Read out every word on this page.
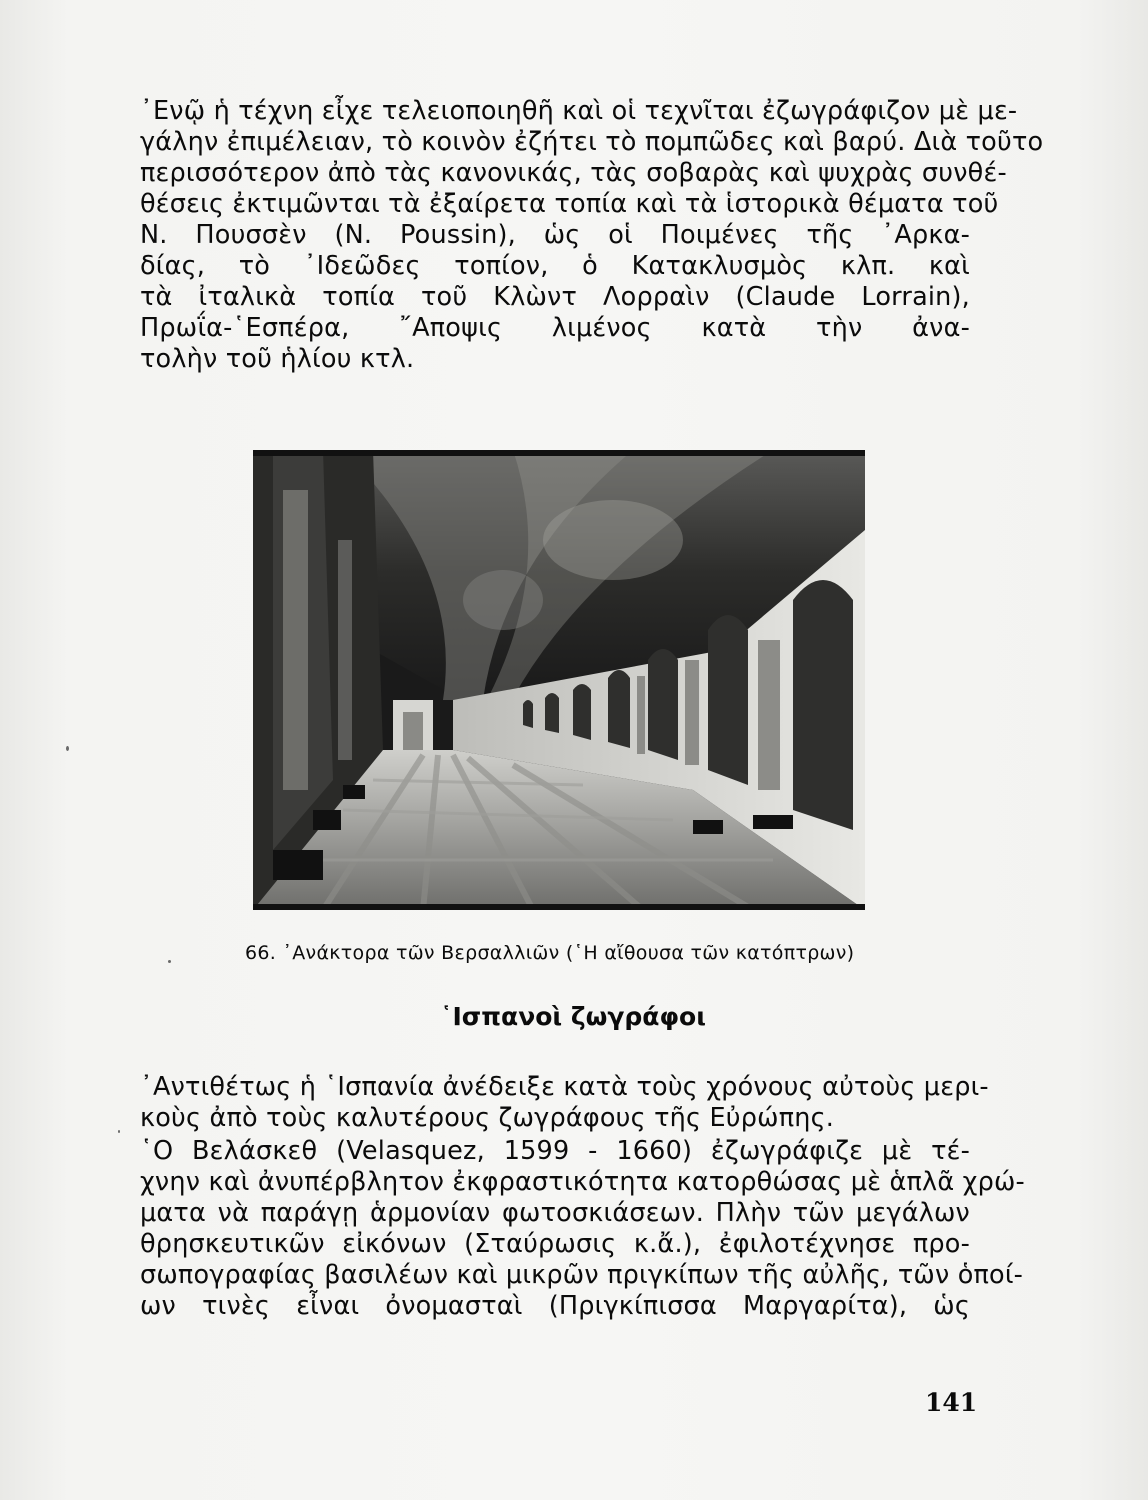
᾿Ενῷ ἡ τέχνη εἶχε τελειοποιηθῆ καὶ οἱ τεχνῖται ἐζωγράφιζον μὲ με-
γάλην ἐπιμέλειαν, τὸ κοινὸν ἐζήτει τὸ πομπῶδες καὶ βαρύ. Διὰ τοῦτο
περισσότερον ἀπὸ τὰς κανονικάς, τὰς σοβαρὰς καὶ ψυχρὰς συνθέ-
θέσεις ἐκτιμῶνται τὰ ἐξαίρετα τοπία καὶ τὰ ἱστορικὰ θέματα τοῦ
Ν. Πουσσὲν (N. Poussin), ὡς οἱ Ποιμένες τῆς ᾿Αρκα-
δίας, τὸ ᾿Ιδεῶδες τοπίον, ὁ Κατακλυσμὸς κλπ. καὶ
τὰ ἰταλικὰ τοπία τοῦ Κλὼντ Λορραὶν (Claude Lorrain),
Πρωΐα-῾Εσπέρα, ῎Αποψις λιμένος κατὰ τὴν ἀνα-
τολὴν τοῦ ἡλίου κτλ.
66. ᾿Ανάκτορα τῶν Βερσαλλιῶν (῾Η αἴθουσα τῶν κατόπτρων)
῾Ισπανοὶ ζωγράφοι
᾿Αντιθέτως ἡ ῾Ισπανία ἀνέδειξε κατὰ τοὺς χρόνους αὐτοὺς μερι-
κοὺς ἀπὸ τοὺς καλυτέρους ζωγράφους τῆς Εὐρώπης.
῾Ο Βελάσκεθ (Velasquez, 1599 - 1660) ἐζωγράφιζε μὲ τέ-
χνην καὶ ἀνυπέρβλητον ἐκφραστικότητα κατορθώσας μὲ ἁπλᾶ χρώ-
ματα νὰ παράγῃ ἁρμονίαν φωτοσκιάσεων. Πλὴν τῶν μεγάλων
θρησκευτικῶν εἰκόνων (Σταύρωσις κ.ἄ.), ἐφιλοτέχνησε προ-
σωπογραφίας βασιλέων καὶ μικρῶν πριγκίπων τῆς αὐλῆς, τῶν ὁποί-
ων τινὲς εἶναι ὀνομασταὶ (Πριγκίπισσα Μαργαρίτα), ὡς
141
